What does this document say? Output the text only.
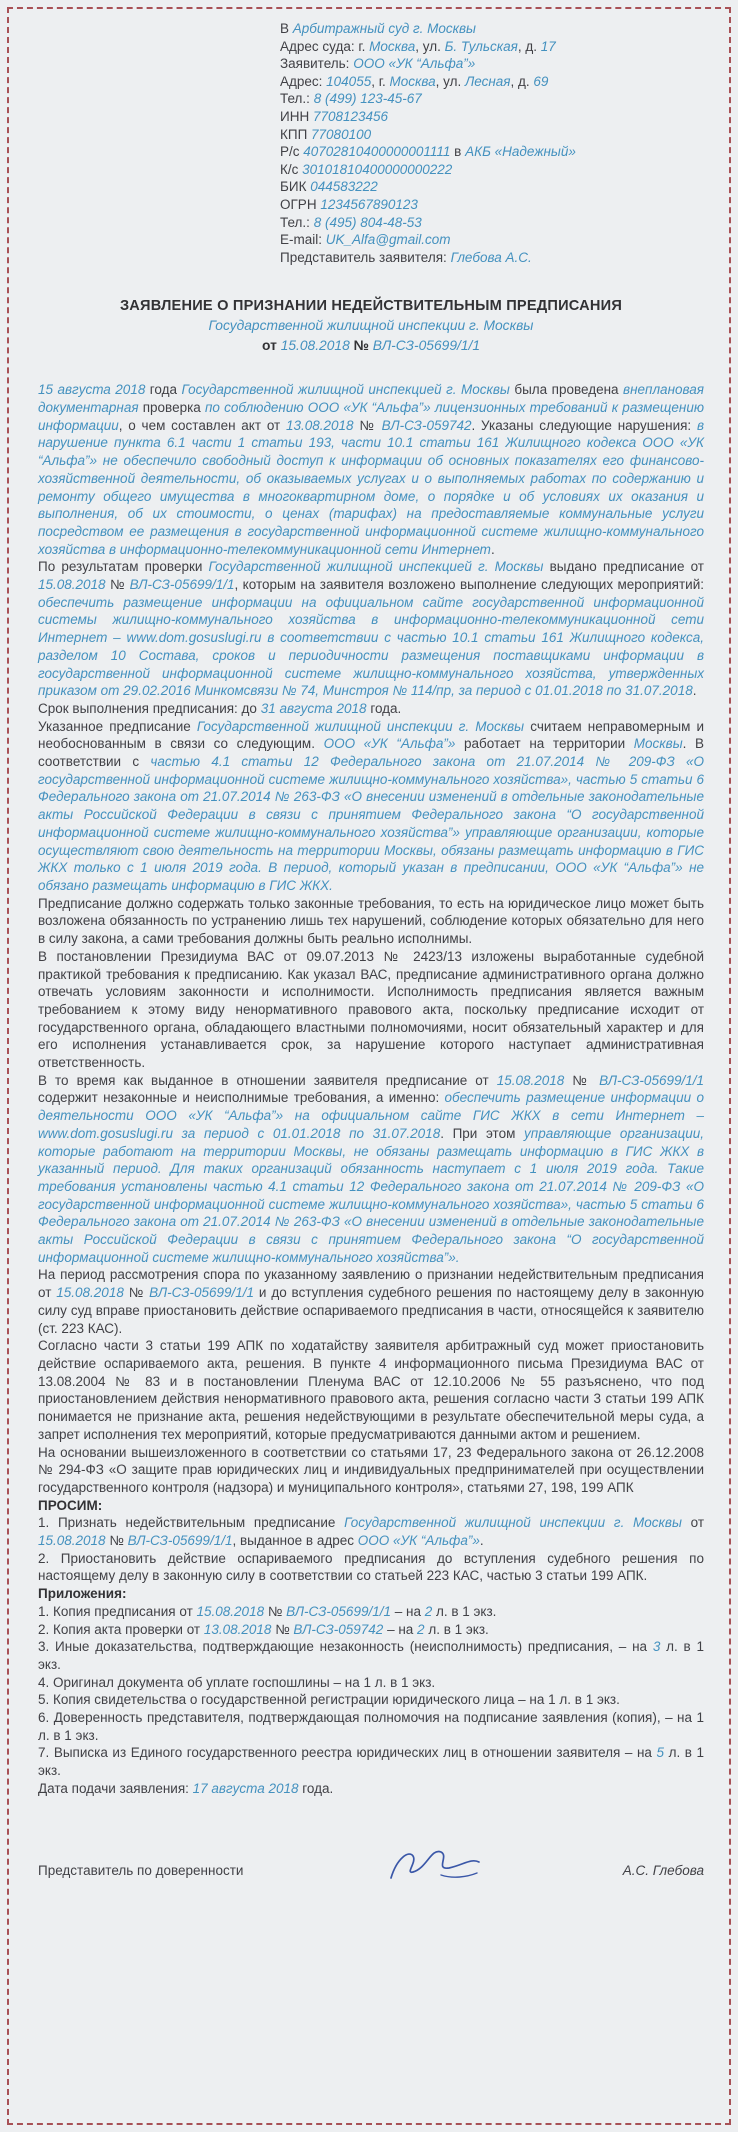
В Арбитражный суд г. Москвы
Адрес суда: г. Москва, ул. Б. Тульская, д. 17
Заявитель: ООО «УК “Альфа”»
Адрес: 104055, г. Москва, ул. Лесная, д. 69
Тел.: 8 (499) 123-45-67
ИНН 7708123456
КПП 77080100
Р/с 40702810400000001111 в АКБ «Надежный»
К/с 30101810400000000222
БИК 044583222
ОГРН 1234567890123
Тел.: 8 (495) 804-48-53
E-mail: UK_Alfa@gmail.com
Представитель заявителя: Глебова А.С.
ЗАЯВЛЕНИЕ О ПРИЗНАНИИ НЕДЕЙСТВИТЕЛЬНЫМ ПРЕДПИСАНИЯ
Государственной жилищной инспекции г. Москвы
от 15.08.2018 № ВЛ-СЗ-05699/1/1

15 августа 2018 года Государственной жилищной инспекцией г. Москвы была проведена внеплановая документарная проверка по соблюдению ООО «УК “Альфа”» лицензионных требований к размещению информации, о чем составлен акт от 13.08.2018 № ВЛ-СЗ-059742. Указаны следующие нарушения: в нарушение пункта 6.1 части 1 статьи 193, части 10.1 статьи 161 Жилищного кодекса ООО «УК “Альфа”» не обеспечило свободный доступ к информации об основных показателях его финансово-хозяйственной деятельности, об оказываемых услугах и о выполняемых работах по содержанию и ремонту общего имущества в многоквартирном доме, о порядке и об условиях их оказания и выполнения, об их стоимости, о ценах (тарифах) на предоставляемые коммунальные услуги посредством ее размещения в государственной информационной системе жилищно-коммунального хозяйства в информационно-телекоммуникационной сети Интернет.

По результатам проверки Государственной жилищной инспекцией г. Москвы выдано предписание от 15.08.2018 № ВЛ-СЗ-05699/1/1, которым на заявителя возложено выполнение следующих мероприятий: обеспечить размещение информации на официальном сайте государственной информационной системы жилищно-коммунального хозяйства в информационно-телекоммуникационной сети Интернет – www.dom.gosuslugi.ru в соответствии с частью 10.1 статьи 161 Жилищного кодекса, разделом 10 Состава, сроков и периодичности размещения поставщиками информации в государственной информационной системе жилищно-коммунального хозяйства, утвержденных приказом от 29.02.2016 Минкомсвязи № 74, Минстроя № 114/пр, за период с 01.01.2018 по 31.07.2018.

Срок выполнения предписания: до 31 августа 2018 года.

Указанное предписание Государственной жилищной инспекции г. Москвы считаем неправомерным и необоснованным в связи со следующим. ООО «УК “Альфа”» работает на территории Москвы. В соответствии с частью 4.1 статьи 12 Федерального закона от 21.07.2014 № 209-ФЗ «О государственной информационной системе жилищно-коммунального хозяйства», частью 5 статьи 6 Федерального закона от 21.07.2014 № 263-ФЗ «О внесении изменений в отдельные законодательные акты Российской Федерации в связи с принятием Федерального закона “О государственной информационной системе жилищно-коммунального хозяйства”» управляющие организации, которые осуществляют свою деятельность на территории Москвы, обязаны размещать информацию в ГИС ЖКХ только с 1 июля 2019 года. В период, который указан в предписании, ООО «УК “Альфа”» не обязано размещать информацию в ГИС ЖКХ.

Предписание должно содержать только законные требования, то есть на юридическое лицо может быть возложена обязанность по устранению лишь тех нарушений, соблюдение которых обязательно для него в силу закона, а сами требования должны быть реально исполнимы.

В постановлении Президиума ВАС от 09.07.2013 № 2423/13 изложены выработанные судебной практикой требования к предписанию. Как указал ВАС, предписание административного органа должно отвечать условиям законности и исполнимости. Исполнимость предписания является важным требованием к этому виду ненормативного правового акта, поскольку предписание исходит от государственного органа, обладающего властными полномочиями, носит обязательный характер и для его исполнения устанавливается срок, за нарушение которого наступает административная ответственность.

В то время как выданное в отношении заявителя предписание от 15.08.2018 № ВЛ-СЗ-05699/1/1 содержит незаконные и неисполнимые требования, а именно: обеспечить размещение информации о деятельности ООО «УК “Альфа”» на официальном сайте ГИС ЖКХ в сети Интернет – www.dom.gosuslugi.ru за период с 01.01.2018 по 31.07.2018. При этом управляющие организации, которые работают на территории Москвы, не обязаны размещать информацию в ГИС ЖКХ в указанный период. Для таких организаций обязанность наступает с 1 июля 2019 года. Такие требования установлены частью 4.1 статьи 12 Федерального закона от 21.07.2014 № 209-ФЗ «О государственной информационной системе жилищно-коммунального хозяйства», частью 5 статьи 6 Федерального закона от 21.07.2014 № 263-ФЗ «О внесении изменений в отдельные законодательные акты Российской Федерации в связи с принятием Федерального закона “О государственной информационной системе жилищно-коммунального хозяйства”».

На период рассмотрения спора по указанному заявлению о признании недействительным предписания от 15.08.2018 № ВЛ-СЗ-05699/1/1 и до вступления судебного решения по настоящему делу в законную силу суд вправе приостановить действие оспариваемого предписания в части, относящейся к заявителю (ст. 223 КАС).

Согласно части 3 статьи 199 АПК по ходатайству заявителя арбитражный суд может приостановить действие оспариваемого акта, решения. В пункте 4 информационного письма Президиума ВАС от 13.08.2004 № 83 и в постановлении Пленума ВАС от 12.10.2006 № 55 разъяснено, что под приостановлением действия ненормативного правового акта, решения согласно части 3 статьи 199 АПК понимается не признание акта, решения недействующими в результате обеспечительной меры суда, а запрет исполнения тех мероприятий, которые предусматриваются данными актом и решением.

На основании вышеизложенного в соответствии со статьями 17, 23 Федерального закона от 26.12.2008 № 294-ФЗ «О защите прав юридических лиц и индивидуальных предпринимателей при осуществлении государственного контроля (надзора) и муниципального контроля», статьями 27, 198, 199 АПК

ПРОСИМ:

1. Признать недействительным предписание Государственной жилищной инспекции г. Москвы от 15.08.2018 № ВЛ-СЗ-05699/1/1, выданное в адрес ООО «УК “Альфа”».

2. Приостановить действие оспариваемого предписания до вступления судебного решения по настоящему делу в законную силу в соответствии со статьей 223 КАС, частью 3 статьи 199 АПК.

Приложения:

1. Копия предписания от 15.08.2018 № ВЛ-СЗ-05699/1/1 – на 2 л. в 1 экз.

2. Копия акта проверки от 13.08.2018 № ВЛ-СЗ-059742 – на 2 л. в 1 экз.

3. Иные доказательства, подтверждающие незаконность (неисполнимость) предписания, – на 3 л. в 1 экз.

4. Оригинал документа об уплате госпошлины – на 1 л. в 1 экз.

5. Копия свидетельства о государственной регистрации юридического лица – на 1 л. в 1 экз.

6. Доверенность представителя, подтверждающая полномочия на подписание заявления (копия), – на 1 л. в 1 экз.

7. Выписка из Единого государственного реестра юридических лиц в отношении заявителя – на 5 л. в 1 экз.

Дата подачи заявления: 17 августа 2018 года.

Представитель по доверенности	А.С. Глебова
